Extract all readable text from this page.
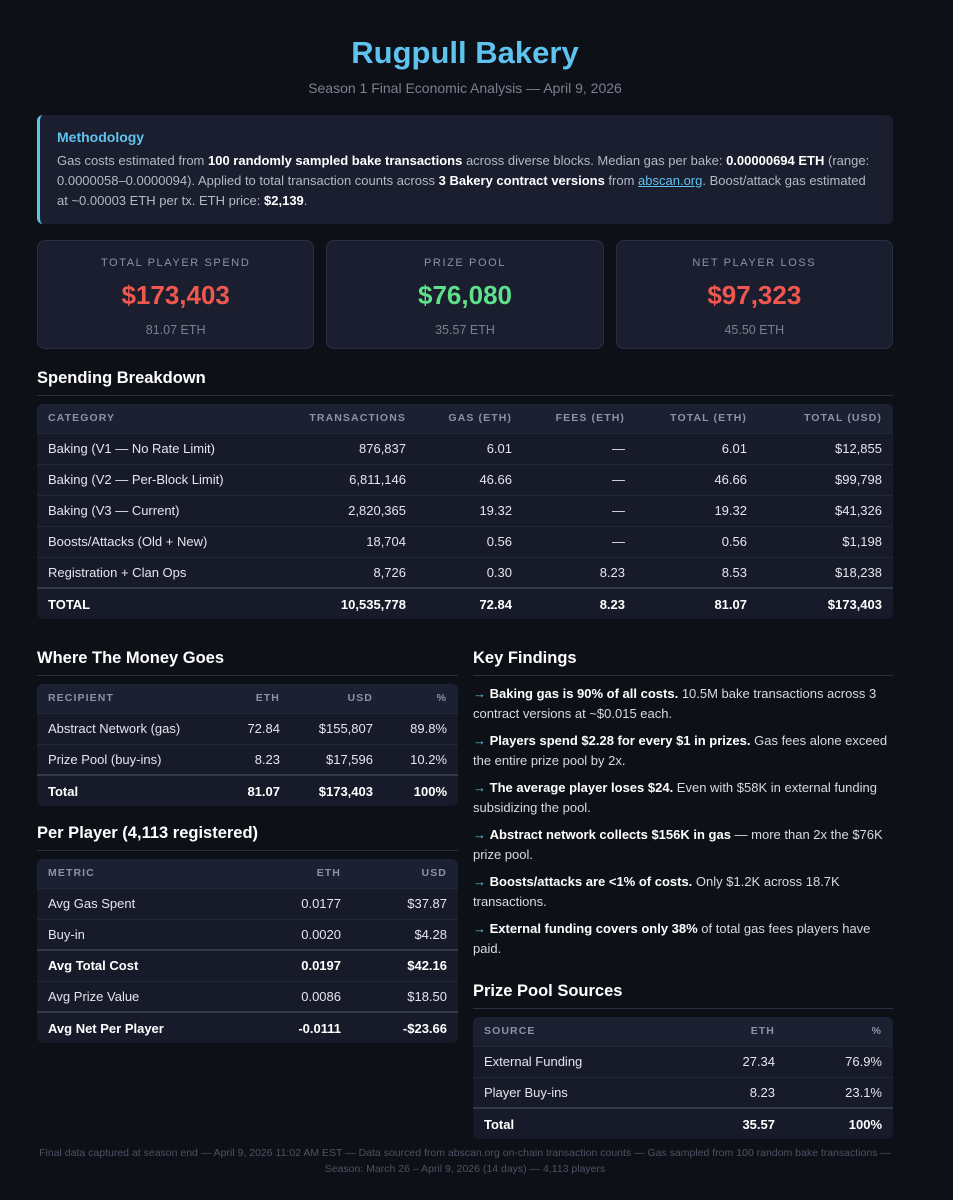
Rugpull Bakery
Season 1 Final Economic Analysis — April 9, 2026
Methodology
Gas costs estimated from 100 randomly sampled bake transactions across diverse blocks. Median gas per bake: 0.00000694 ETH (range: 0.0000058–0.0000094). Applied to total transaction counts across 3 Bakery contract versions from abscan.org. Boost/attack gas estimated at ~0.00003 ETH per tx. ETH price: $2,139.
TOTAL PLAYER SPEND
$173,403
81.07 ETH
PRIZE POOL
$76,080
35.57 ETH
NET PLAYER LOSS
$97,323
45.50 ETH
Spending Breakdown
CATEGORY	TRANSACTIONS	GAS (ETH)	FEES (ETH)	TOTAL (ETH)	TOTAL (USD)
Baking (V1 — No Rate Limit)	876,837	6.01	—	6.01	$12,855
Baking (V2 — Per-Block Limit)	6,811,146	46.66	—	46.66	$99,798
Baking (V3 — Current)	2,820,365	19.32	—	19.32	$41,326
Boosts/Attacks (Old + New)	18,704	0.56	—	0.56	$1,198
Registration + Clan Ops	8,726	0.30	8.23	8.53	$18,238
TOTAL	10,535,778	72.84	8.23	81.07	$173,403
Where The Money Goes
RECIPIENT	ETH	USD	%
Abstract Network (gas)	72.84	$155,807	89.8%
Prize Pool (buy-ins)	8.23	$17,596	10.2%
Total	81.07	$173,403	100%
Per Player (4,113 registered)
METRIC	ETH	USD
Avg Gas Spent	0.0177	$37.87
Buy-in	0.0020	$4.28
Avg Total Cost	0.0197	$42.16
Avg Prize Value	0.0086	$18.50
Avg Net Per Player	-0.0111	-$23.66
Key Findings
→ Baking gas is 90% of all costs. 10.5M bake transactions across 3 contract versions at ~$0.015 each.
→ Players spend $2.28 for every $1 in prizes. Gas fees alone exceed the entire prize pool by 2x.
→ The average player loses $24. Even with $58K in external funding subsidizing the pool.
→ Abstract network collects $156K in gas — more than 2x the $76K prize pool.
→ Boosts/attacks are <1% of costs. Only $1.2K across 18.7K transactions.
→ External funding covers only 38% of total gas fees players have paid.
Prize Pool Sources
SOURCE	ETH	%
External Funding	27.34	76.9%
Player Buy-ins	8.23	23.1%
Total	35.57	100%
Final data captured at season end — April 9, 2026 11:02 AM EST — Data sourced from abscan.org on-chain transaction counts — Gas sampled from 100 random bake transactions —
Season: March 26 – April 9, 2026 (14 days) — 4,113 players
